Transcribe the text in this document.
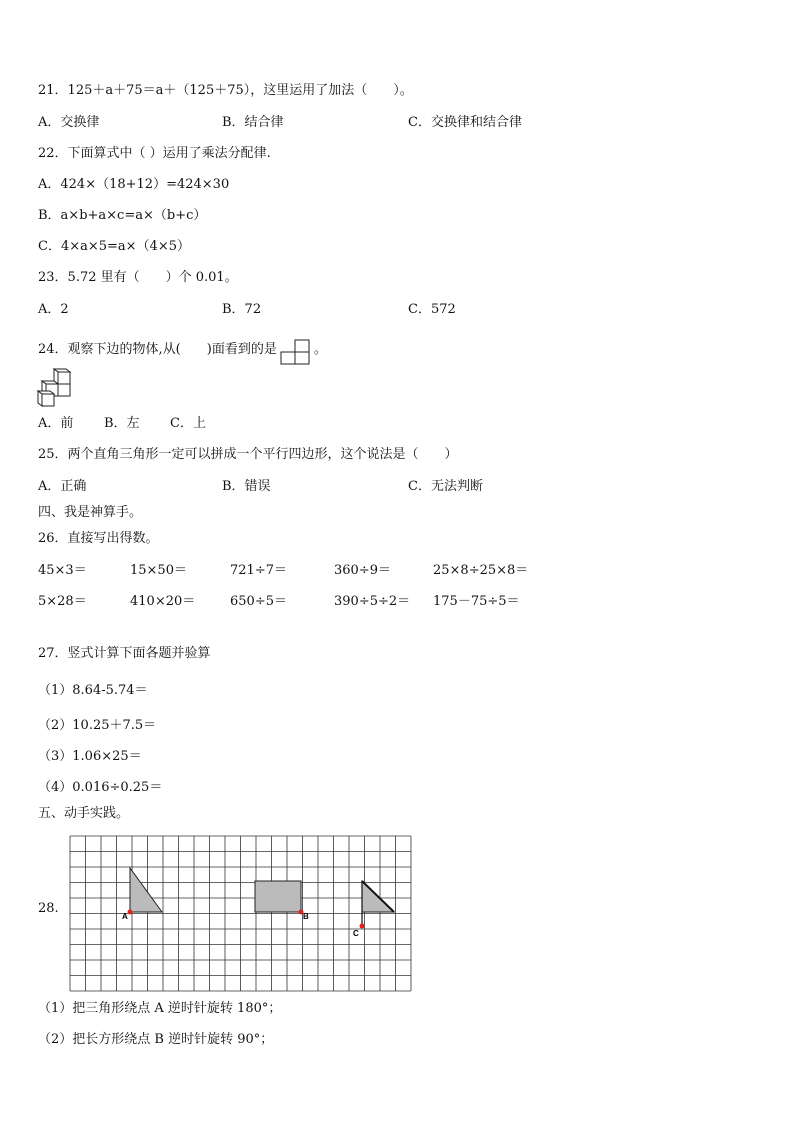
21．125＋a＋75＝a＋（125＋75），这里运用了加法（　　）。
A．交换律	B．结合律	C．交换律和结合律
22．下面算式中（ ）运用了乘法分配律.
A．424×（18+12）=424×30
B．a×b+a×c=a×（b+c）
C．4×a×5=a×（4×5）
23．5.72 里有（　　）个 0.01。
A．2	B．72	C．572
24．观察下边的物体,从(　　)面看到的是	。
A．前 B．左 C．上
25．两个直角三角形一定可以拼成一个平行四边形，这个说法是（　　）
A．正确	B．错误	C．无法判断
四、我是神算手。
26．直接写出得数。
45×3＝	15×50＝	721÷7＝	360÷9＝	25×8÷25×8＝
5×28＝	410×20＝	650÷5＝	390÷5÷2＝ 175－75÷5＝
27．竖式计算下面各题并验算
（1）8.64-5.74＝
（2）10.25＋7.5＝
（3）1.06×25＝
（4）0.016÷0.25＝
五、动手实践。
28.
A	B
C
（1）把三角形绕点 A 逆时针旋转 180°；
（2）把长方形绕点 B 逆时针旋转 90°；
